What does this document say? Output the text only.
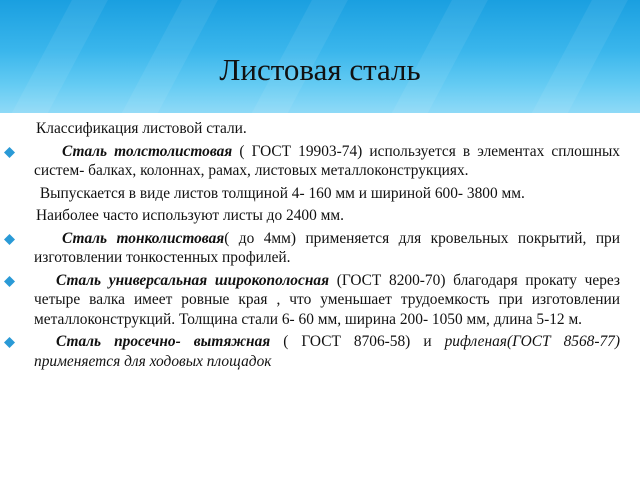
Листовая сталь

Классификация листовой стали.

Сталь толстолистовая ( ГОСТ 19903-74) используется в элементах сплошных систем- балках, колоннах, рамах, листовых металлоконструкциях.

Выпускается в виде листов толщиной 4- 160 мм и шириной 600- 3800 мм.

Наиболее часто используют листы до 2400 мм.

Сталь тонколистовая( до 4мм) применяется для кровельных покрытий, при изготовлении тонкостенных профилей.

Сталь универсальная широкополосная (ГОСТ 8200-70) благодаря прокату через четыре валка имеет ровные края , что уменьшает трудоемкость при изготовлении металлоконструкций. Толщина стали 6- 60 мм, ширина 200- 1050 мм, длина 5-12 м.

Сталь просечно- вытяжная ( ГОСТ 8706-58) и рифленая(ГОСТ 8568-77) применяется для ходовых площадок
